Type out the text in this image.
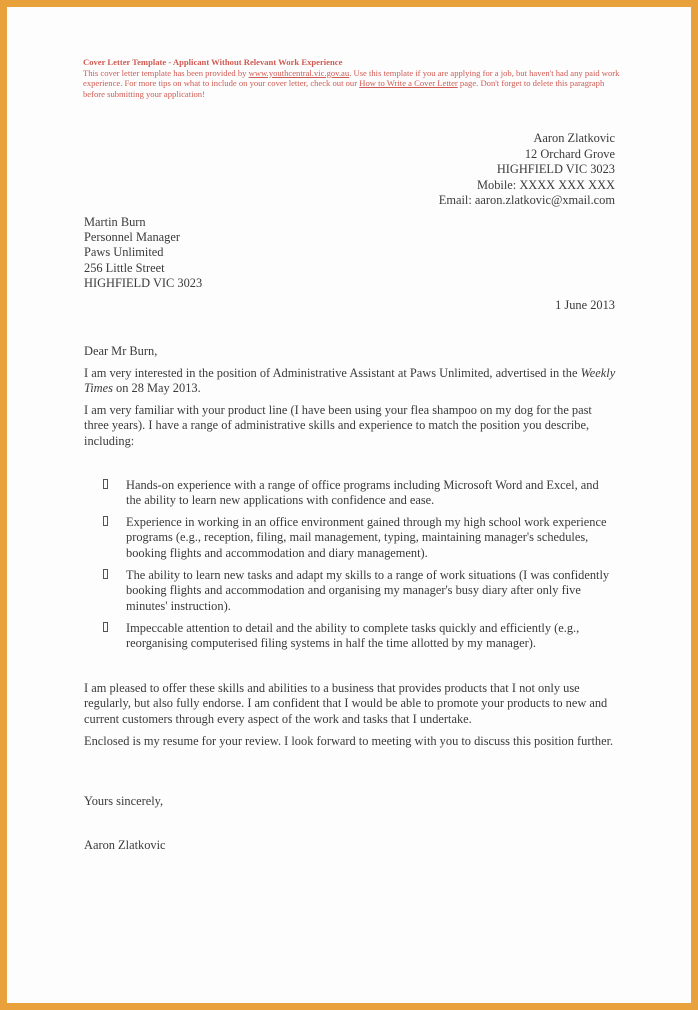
Cover Letter Template - Applicant Without Relevant Work Experience
This cover letter template has been provided by www.youthcentral.vic.gov.au. Use this template if you are applying for a job, but haven't had any paid work experience. For more tips on what to include on your cover letter, check out our How to Write a Cover Letter page. Don't forget to delete this paragraph before submitting your application!
Aaron Zlatkovic
12 Orchard Grove
HIGHFIELD VIC 3023
Mobile: XXXX XXX XXX
Email: aaron.zlatkovic@xmail.com
Martin Burn
Personnel Manager
Paws Unlimited
256 Little Street
HIGHFIELD VIC 3023
1 June 2013
Dear Mr Burn,
I am very interested in the position of Administrative Assistant at Paws Unlimited, advertised in the Weekly Times on 28 May 2013.
I am very familiar with your product line (I have been using your flea shampoo on my dog for the past three years). I have a range of administrative skills and experience to match the position you describe, including:
Hands-on experience with a range of office programs including Microsoft Word and Excel, and the ability to learn new applications with confidence and ease.
Experience in working in an office environment gained through my high school work experience programs (e.g., reception, filing, mail management, typing, maintaining manager's schedules, booking flights and accommodation and diary management).
The ability to learn new tasks and adapt my skills to a range of work situations (I was confidently booking flights and accommodation and organising my manager's busy diary after only five minutes' instruction).
Impeccable attention to detail and the ability to complete tasks quickly and efficiently (e.g., reorganising computerised filing systems in half the time allotted by my manager).
I am pleased to offer these skills and abilities to a business that provides products that I not only use regularly, but also fully endorse. I am confident that I would be able to promote your products to new and current customers through every aspect of the work and tasks that I undertake.
Enclosed is my resume for your review. I look forward to meeting with you to discuss this position further.
Yours sincerely,
Aaron Zlatkovic
